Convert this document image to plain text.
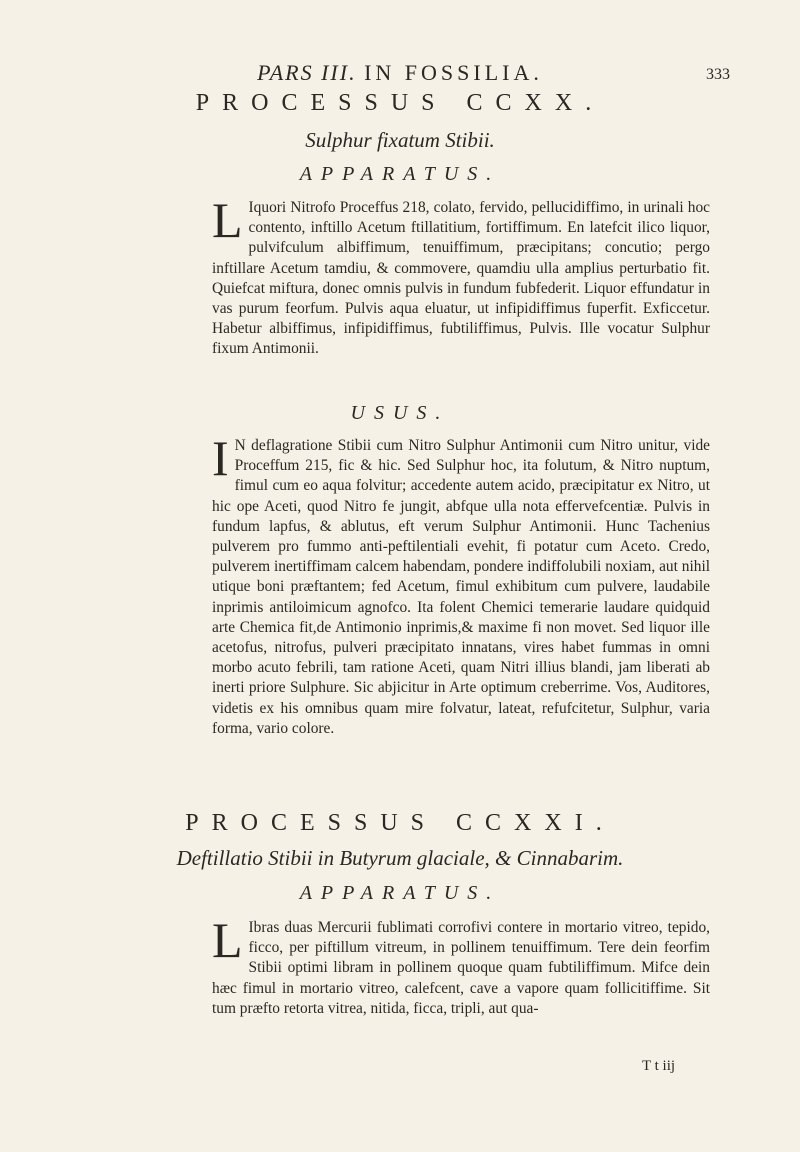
PARS III. IN FOSSILIA.	333
PROCESSUS CCXX.

Sulphur fixatum Stibii.

APPARATUS.

L Iquori Nitrofo Proceffus 218, colato, fervido, pellucidiffimo, in urinali hoc contento, inftillo Acetum ftillatitium, fortiffimum. En latefcit ilico liquor, pulvifculum albiffimum, tenuiffimum, præcipitans; concutio; pergo inftillare Acetum tamdiu, & commovere, quamdiu ulla amplius perturbatio fit. Quiefcat miftura, donec omnis pulvis in fundum fubfederit. Liquor effundatur in vas purum feorfum. Pulvis aqua eluatur, ut infipidiffimus fuperfit. Exficcetur. Habetur albiffimus, infipidiffimus, fubtiliffimus, Pulvis. Ille vocatur Sulphur fixum Antimonii.

USUS.

I N deflagratione Stibii cum Nitro Sulphur Antimonii cum Nitro unitur, vide Proceffum 215, fic & hic. Sed Sulphur hoc, ita folutum, & Nitro nuptum, fimul cum eo aqua folvitur; accedente autem acido, præcipitatur ex Nitro, ut hic ope Aceti, quod Nitro fe jungit, abfque ulla nota effervefcentiæ. Pulvis in fundum lapfus, & ablutus, eft verum Sulphur Antimonii. Hunc Tachenius pulverem pro fummo anti-peftilentiali evehit, fi potatur cum Aceto. Credo, pulverem inertiffimam calcem habendam, pondere indiffolubili noxiam, aut nihil utique boni præftantem; fed Acetum, fimul exhibitum cum pulvere, laudabile inprimis antiloimicum agnofco. Ita folent Chemici temerarie laudare quidquid arte Chemica fit,de Antimonio inprimis,& maxime fi non movet. Sed liquor ille acetofus, nitrofus, pulveri præcipitato innatans, vires habet fummas in omni morbo acuto febrili, tam ratione Aceti, quam Nitri illius blandi, jam liberati ab inerti priore Sulphure. Sic abjicitur in Arte optimum creberrime. Vos, Auditores, videtis ex his omnibus quam mire folvatur, lateat, refufcitetur, Sulphur, varia forma, vario colore.
PROCESSUS CCXXI.

Deftillatio Stibii in Butyrum glaciale, & Cinnabarim.

APPARATUS.

L Ibras duas Mercurii fublimati corrofivi contere in mortario vitreo, tepido, ficco, per piftillum vitreum, in pollinem tenuiffimum. Tere dein feorfim Stibii optimi libram in pollinem quoque quam fubtiliffimum. Mifce dein hæc fimul in mortario vitreo, calefcent, cave a vapore quam follicitiffime. Sit tum præfto retorta vitrea, nitida, ficca, tripli, aut qua-
T t iij
